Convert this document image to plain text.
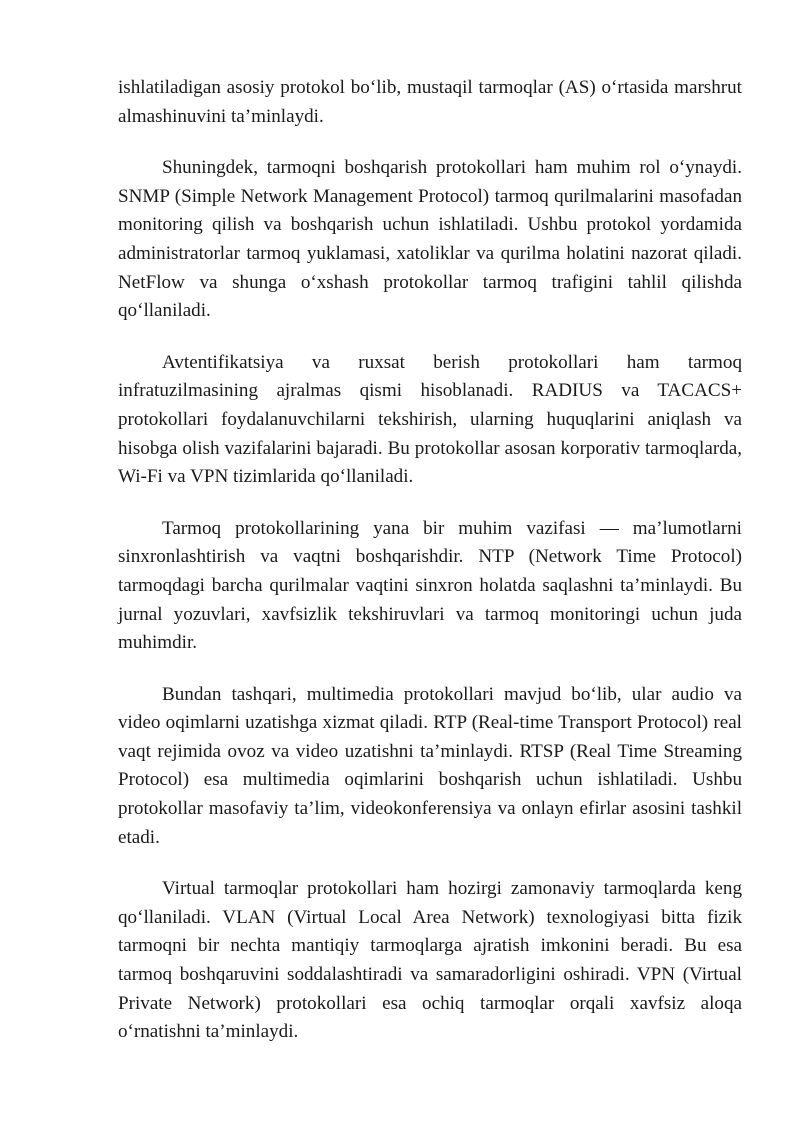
ishlatiladigan asosiy protokol bo‘lib, mustaqil tarmoqlar (AS) o‘rtasida marshrut almashinuvini ta’minlaydi.

Shuningdek, tarmoqni boshqarish protokollari ham muhim rol o‘ynaydi. SNMP (Simple Network Management Protocol) tarmoq qurilmalarini masofadan monitoring qilish va boshqarish uchun ishlatiladi. Ushbu protokol yordamida administratorlar tarmoq yuklamasi, xatoliklar va qurilma holatini nazorat qiladi. NetFlow va shunga o‘xshash protokollar tarmoq trafigini tahlil qilishda qo‘llaniladi.

Avtentifikatsiya va ruxsat berish protokollari ham tarmoq infratuzilmasining ajralmas qismi hisoblanadi. RADIUS va TACACS+ protokollari foydalanuvchilarni tekshirish, ularning huquqlarini aniqlash va hisobga olish vazifalarini bajaradi. Bu protokollar asosan korporativ tarmoqlarda, Wi-Fi va VPN tizimlarida qo‘llaniladi.

Tarmoq protokollarining yana bir muhim vazifasi — ma’lumotlarni sinxronlashtirish va vaqtni boshqarishdir. NTP (Network Time Protocol) tarmoqdagi barcha qurilmalar vaqtini sinxron holatda saqlashni ta’minlaydi. Bu jurnal yozuvlari, xavfsizlik tekshiruvlari va tarmoq monitoringi uchun juda muhimdir.

Bundan tashqari, multimedia protokollari mavjud bo‘lib, ular audio va video oqimlarni uzatishga xizmat qiladi. RTP (Real-time Transport Protocol) real vaqt rejimida ovoz va video uzatishni ta’minlaydi. RTSP (Real Time Streaming Protocol) esa multimedia oqimlarini boshqarish uchun ishlatiladi. Ushbu protokollar masofaviy ta’lim, videokonferensiya va onlayn efirlar asosini tashkil etadi.

Virtual tarmoqlar protokollari ham hozirgi zamonaviy tarmoqlarda keng qo‘llaniladi. VLAN (Virtual Local Area Network) texnologiyasi bitta fizik tarmoqni bir nechta mantiqiy tarmoqlarga ajratish imkonini beradi. Bu esa tarmoq boshqaruvini soddalashtiradi va samaradorligini oshiradi. VPN (Virtual Private Network) protokollari esa ochiq tarmoqlar orqali xavfsiz aloqa o‘rnatishni ta’minlaydi.
